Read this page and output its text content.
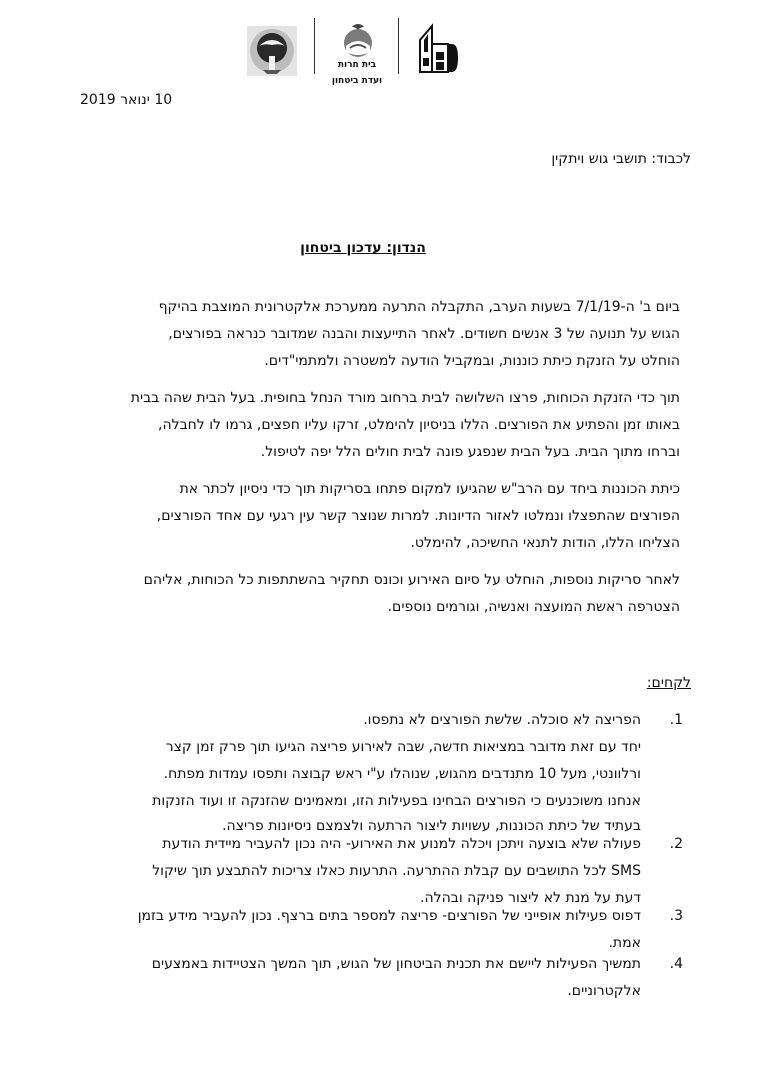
בית חרות
ועדת ביטחון
10 ינואר 2019
לכבוד: תושבי גוש ויתקין
הנדון: עדכון ביטחון
ביום ב' ה-7/1/19 בשעות הערב, התקבלה התרעה ממערכת אלקטרונית המוצבת בהיקף
הגוש על תנועה של 3 אנשים חשודים. לאחר התייעצות והבנה שמדובר כנראה בפורצים,
הוחלט על הזנקת כיתת כוננות, ובמקביל הודעה למשטרה ולמתמי"דים.
תוך כדי הזנקת הכוחות, פרצו השלושה לבית ברחוב מורד הנחל בחופית. בעל הבית שהה בבית
באותו זמן והפתיע את הפורצים. הללו בניסיון להימלט, זרקו עליו חפצים, גרמו לו לחבלה,
וברחו מתוך הבית. בעל הבית שנפגע פונה לבית חולים הלל יפה לטיפול.
כיתת הכוננות ביחד עם הרב"ש שהגיעו למקום פתחו בסריקות תוך כדי ניסיון לכתר את
הפורצים שהתפצלו ונמלטו לאזור הדיונות. למרות שנוצר קשר עין רגעי עם אחד הפורצים,
הצליחו הללו, הודות לתנאי החשיכה, להימלט.
לאחר סריקות נוספות, הוחלט על סיום האירוע וכונס תחקיר בהשתתפות כל הכוחות, אליהם
הצטרפה ראשת המועצה ואנשיה, וגורמים נוספים.
לקחים:
1.
הפריצה לא סוכלה. שלשת הפורצים לא נתפסו.
יחד עם זאת מדובר במציאות חדשה, שבה לאירוע פריצה הגיעו תוך פרק זמן קצר
ורלוונטי, מעל 10 מתנדבים מהגוש, שנוהלו ע"י ראש קבוצה ותפסו עמדות מפתח.
אנחנו משוכנעים כי הפורצים הבחינו בפעילות הזו, ומאמינים שהזנקה זו ועוד הזנקות
בעתיד של כיתת הכוננות, עשויות ליצור הרתעה ולצמצם ניסיונות פריצה.
2.
פעולה שלא בוצעה ויתכן ויכלה למנוע את האירוע- היה נכון להעביר מיידית הודעת
SMS לכל התושבים עם קבלת ההתרעה. התרעות כאלו צריכות להתבצע תוך שיקול
דעת על מנת לא ליצור פניקה ובהלה.
3.
דפוס פעילות אופייני של הפורצים- פריצה למספר בתים ברצף. נכון להעביר מידע בזמן
אמת.
4.
תמשיך הפעילות ליישם את תכנית הביטחון של הגוש, תוך המשך הצטיידות באמצעים
אלקטרוניים.
